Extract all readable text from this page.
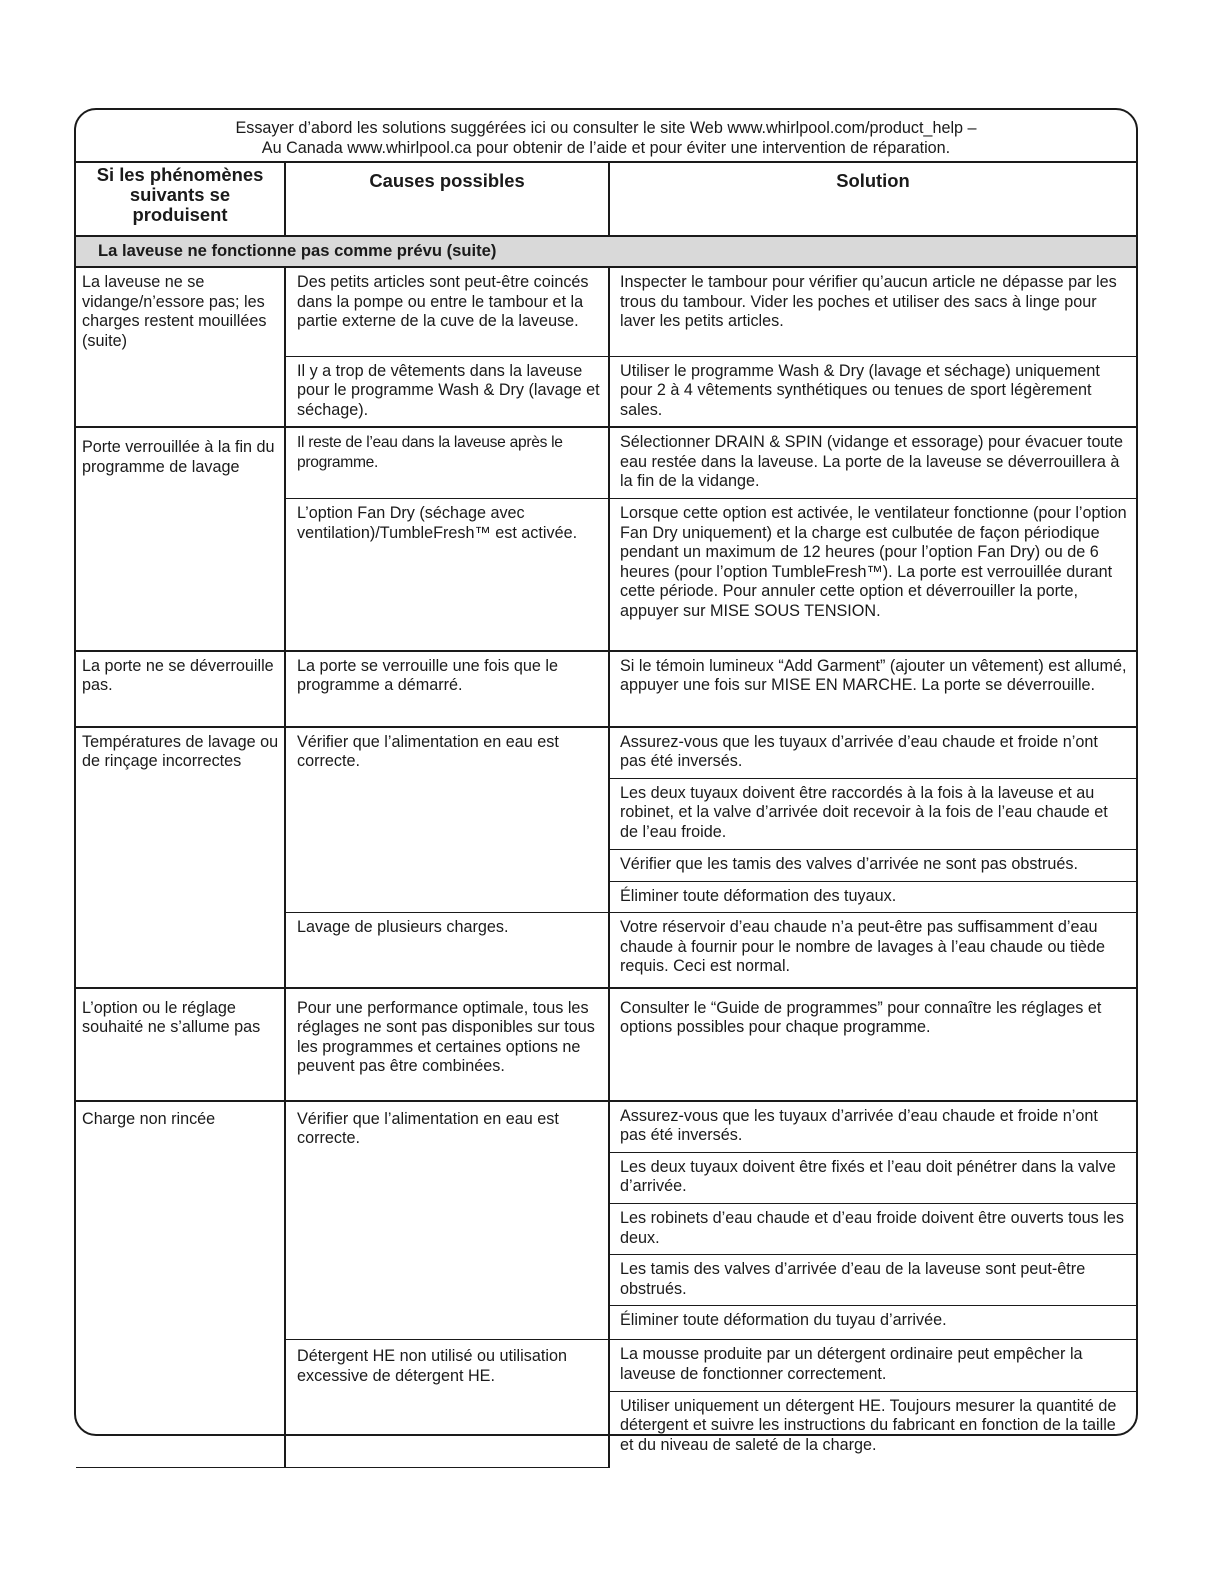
Essayer d’abord les solutions suggérées ici ou consulter le site Web www.whirlpool.com/product_help –
Au Canada www.whirlpool.ca pour obtenir de l’aide et pour éviter une intervention de réparation.
Si les phénomènes suivants se produisent	Causes possibles	Solution
La laveuse ne fonctionne pas comme prévu (suite)		
La laveuse ne se vidange/n’essore pas; les charges restent mouillées (suite)	Des petits articles sont peut-être coincés dans la pompe ou entre le tambour et la partie externe de la cuve de la laveuse.	Inspecter le tambour pour vérifier qu’aucun article ne dépasse par les trous du tambour. Vider les poches et utiliser des sacs à linge pour laver les petits articles.
	Il y a trop de vêtements dans la laveuse pour le programme Wash & Dry (lavage et séchage).	Utiliser le programme Wash & Dry (lavage et séchage) uniquement pour 2 à 4 vêtements synthétiques ou tenues de sport légèrement sales.
Porte verrouillée à la fin du programme de lavage	Il reste de l’eau dans la laveuse après le programme.	Sélectionner DRAIN & SPIN (vidange et essorage) pour évacuer toute eau restée dans la laveuse. La porte de la laveuse se déverrouillera à la fin de la vidange.
	L’option Fan Dry (séchage avec ventilation)/TumbleFresh™ est activée.	Lorsque cette option est activée, le ventilateur fonctionne (pour l’option Fan Dry uniquement) et la charge est culbutée de façon périodique pendant un maximum de 12 heures (pour l’option Fan Dry) ou de 6 heures (pour l’option TumbleFresh™). La porte est verrouillée durant cette période. Pour annuler cette option et déverrouiller la porte, appuyer sur MISE SOUS TENSION.
La porte ne se déverrouille pas.	La porte se verrouille une fois que le programme a démarré.	Si le témoin lumineux “Add Garment” (ajouter un vêtement) est allumé, appuyer une fois sur MISE EN MARCHE. La porte se déverrouille.
Températures de lavage ou de rinçage incorrectes	Vérifier que l’alimentation en eau est correcte.	Assurez-vous que les tuyaux d’arrivée d’eau chaude et froide n’ont pas été inversés.
		Les deux tuyaux doivent être raccordés à la fois à la laveuse et au robinet, et la valve d’arrivée doit recevoir à la fois de l’eau chaude et de l’eau froide.
		Vérifier que les tamis des valves d’arrivée ne sont pas obstrués.
		Éliminer toute déformation des tuyaux.
	Lavage de plusieurs charges.	Votre réservoir d’eau chaude n’a peut-être pas suffisamment d’eau chaude à fournir pour le nombre de lavages à l’eau chaude ou tiède requis. Ceci est normal.
L’option ou le réglage souhaité ne s’allume pas	Pour une performance optimale, tous les réglages ne sont pas disponibles sur tous les programmes et certaines options ne peuvent pas être combinées.	Consulter le “Guide de programmes” pour connaître les réglages et options possibles pour chaque programme.
Charge non rincée	Vérifier que l’alimentation en eau est correcte.	Assurez-vous que les tuyaux d’arrivée d’eau chaude et froide n’ont pas été inversés.
		Les deux tuyaux doivent être fixés et l’eau doit pénétrer dans la valve d’arrivée.
		Les robinets d’eau chaude et d’eau froide doivent être ouverts tous les deux.
		Les tamis des valves d’arrivée d’eau de la laveuse sont peut-être obstrués.
		Éliminer toute déformation du tuyau d’arrivée.
	Détergent HE non utilisé ou utilisation excessive de détergent HE.	La mousse produite par un détergent ordinaire peut empêcher la laveuse de fonctionner correctement.
		Utiliser uniquement un détergent HE. Toujours mesurer la quantité de détergent et suivre les instructions du fabricant en fonction de la taille et du niveau de saleté de la charge.
